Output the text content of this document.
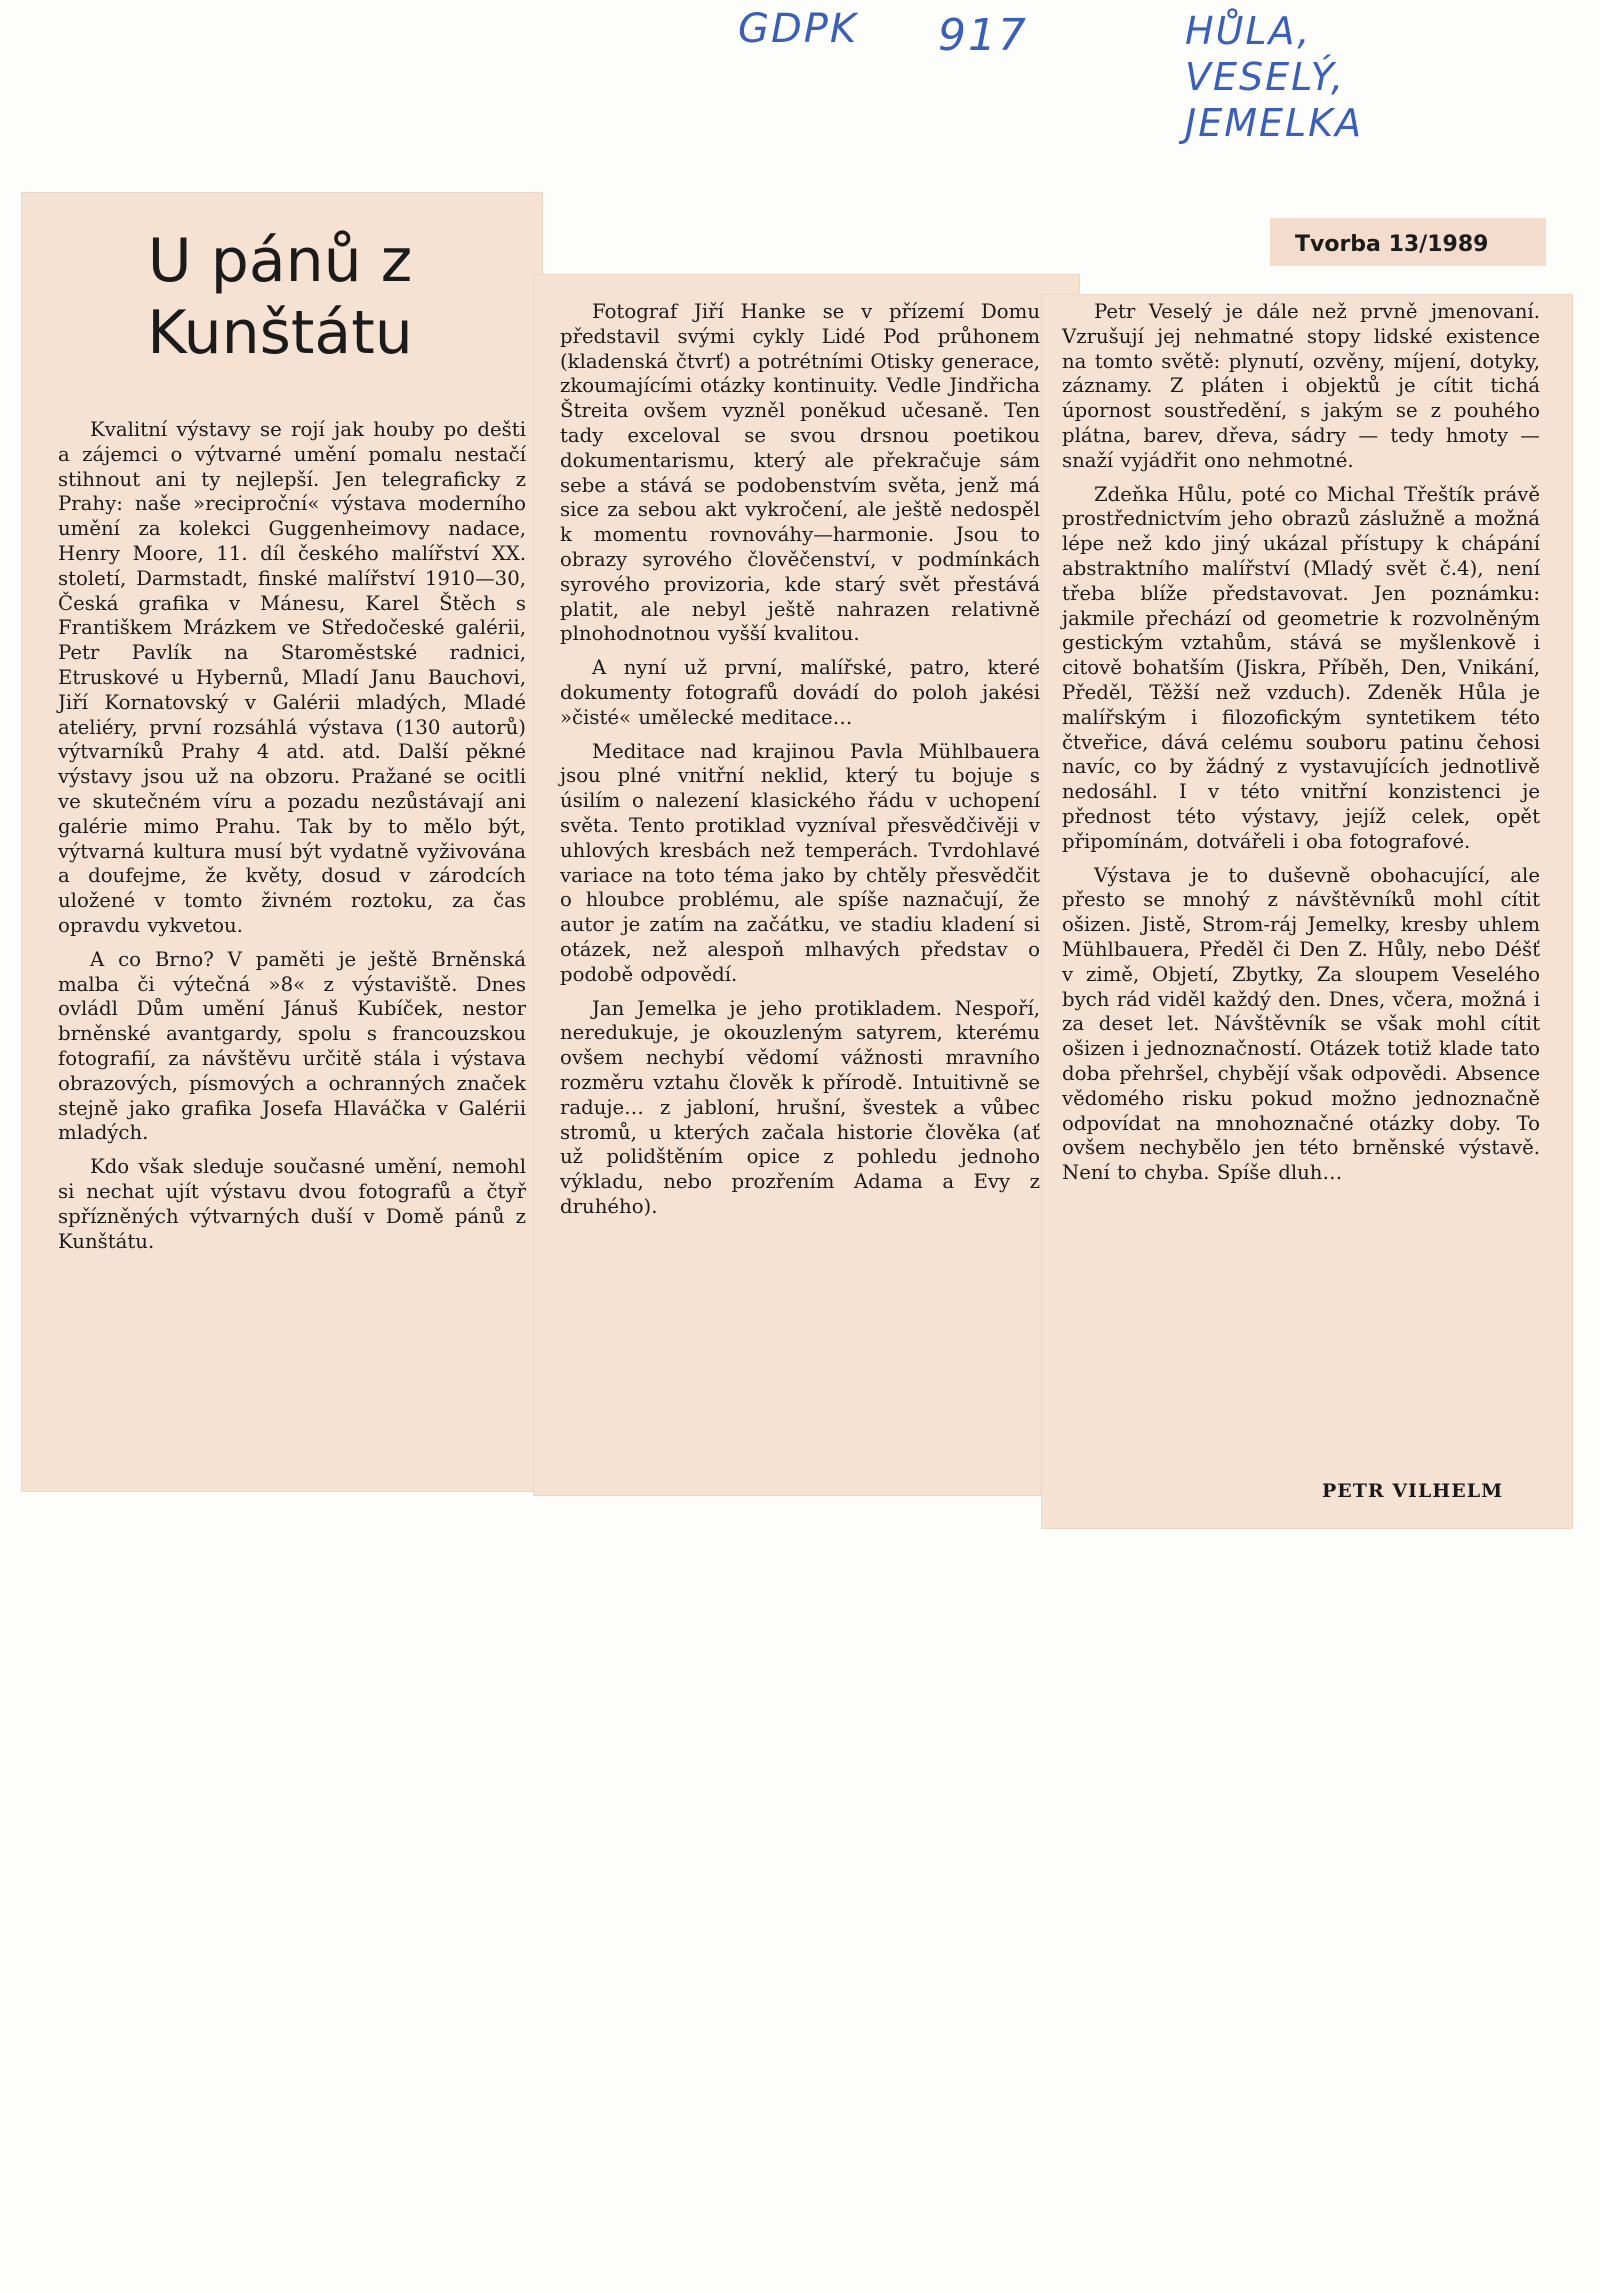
GDPK 917	HŮLA, VESELÝ, JEMELKA
U pánů z Kunštátu
Tvorba 13/1989

Kvalitní výstavy se rojí jak houby po dešti a zájemci o výtvarné umění pomalu nestačí stihnout ani ty nejlepší. Jen telegraficky z Prahy: naše »reciproční« výstava moderního umění za kolekci Guggenheimovy nadace, Henry Moore, 11. díl českého malířství XX. století, Darmstadt, finské malířství 1910—30, Česká grafika v Mánesu, Karel Štěch s Františkem Mrázkem ve Středočeské galérii, Petr Pavlík na Staroměstské radnici, Etruskové u Hybernů, Mladí Janu Bauchovi, Jiří Kornatovský v Galérii mladých, Mladé ateliéry, první rozsáhlá výstava (130 autorů) výtvarníků Prahy 4 atd. atd. Další pěkné výstavy jsou už na obzoru. Pražané se ocitli ve skutečném víru a pozadu nezůstávají ani galérie mimo Prahu. Tak by to mělo být, výtvarná kultura musí být vydatně vyživována a doufejme, že květy, dosud v zárodcích uložené v tomto živném roztoku, za čas opravdu vykvetou.

A co Brno? V paměti je ještě Brněnská malba či výtečná »8« z výstaviště. Dnes ovládl Dům umění Jánuš Kubíček, nestor brněnské avantgardy, spolu s francouzskou fotografií, za návštěvu určitě stála i výstava obrazových, písmových a ochranných značek stejně jako grafika Josefa Hlaváčka v Galérii mladých.

Kdo však sleduje současné umění, nemohl si nechat ujít výstavu dvou fotografů a čtyř spřízněných výtvarných duší v Domě pánů z Kunštátu.

Fotograf Jiří Hanke se v přízemí Domu představil svými cykly Lidé Pod průhonem (kladenská čtvrť) a potrétními Otisky generace, zkoumajícími otázky kontinuity. Vedle Jindřicha Štreita ovšem vyzněl poněkud učesaně. Ten tady exceloval se svou drsnou poetikou dokumentarismu, který ale překračuje sám sebe a stává se podobenstvím světa, jenž má sice za sebou akt vykročení, ale ještě nedospěl k momentu rovnováhy—harmonie. Jsou to obrazy syrového člověčenství, v podmínkách syrového provizoria, kde starý svět přestává platit, ale nebyl ještě nahrazen relativně plnohodnotnou vyšší kvalitou.

A nyní už první, malířské, patro, které dokumenty fotografů dovádí do poloh jakési »čisté« umělecké meditace…

Meditace nad krajinou Pavla Mühlbauera jsou plné vnitřní neklid, který tu bojuje s úsilím o nalezení klasického řádu v uchopení světa. Tento protiklad vyzníval přesvědčivěji v uhlových kresbách než temperách. Tvrdohlavé variace na toto téma jako by chtěly přesvědčit o hloubce problému, ale spíše naznačují, že autor je zatím na začátku, ve stadiu kladení si otázek, než alespoň mlhavých představ o podobě odpovědí.

Jan Jemelka je jeho protikladem. Nespoří, neredukuje, je okouzleným satyrem, kterému ovšem nechybí vědomí vážnosti mravního rozměru vztahu člověk k přírodě. Intuitivně se raduje… z jabloní, hrušní, švestek a vůbec stromů, u kterých začala historie člověka (ať už polidštěním opice z pohledu jednoho výkladu, nebo prozřením Adama a Evy z druhého).

Petr Veselý je dále než prvně jmenovaní. Vzrušují jej nehmatné stopy lidské existence na tomto světě: plynutí, ozvěny, míjení, dotyky, záznamy. Z pláten i objektů je cítit tichá úpornost soustředění, s jakým se z pouhého plátna, barev, dřeva, sádry — tedy hmoty — snaží vyjádřit ono nehmotné.

Zdeňka Hůlu, poté co Michal Třeštík právě prostřednictvím jeho obrazů záslužně a možná lépe než kdo jiný ukázal přístupy k chápání abstraktního malířství (Mladý svět č.4), není třeba blíže představovat. Jen poznámku: jakmile přechází od geometrie k rozvolněným gestickým vztahům, stává se myšlenkově i citově bohatším (Jiskra, Příběh, Den, Vnikání, Předěl, Těžší než vzduch). Zdeněk Hůla je malířským i filozofickým syntetikem této čtveřice, dává celému souboru patinu čehosi navíc, co by žádný z vystavujících jednotlivě nedosáhl. I v této vnitřní konzistenci je přednost této výstavy, jejíž celek, opět připomínám, dotvářeli i oba fotografové.

Výstava je to duševně obohacující, ale přesto se mnohý z návštěvníků mohl cítit ošizen. Jistě, Strom-ráj Jemelky, kresby uhlem Mühlbauera, Předěl či Den Z. Hůly, nebo Déšť v zimě, Objetí, Zbytky, Za sloupem Veselého bych rád viděl každý den. Dnes, včera, možná i za deset let. Návštěvník se však mohl cítit ošizen i jednoznačností. Otázek totiž klade tato doba přehršel, chybějí však odpovědi. Absence vědomého risku pokud možno jednoznačně odpovídat na mnohoznačné otázky doby. To ovšem nechybělo jen této brněnské výstavě. Není to chyba. Spíše dluh…

PETR VILHELM
